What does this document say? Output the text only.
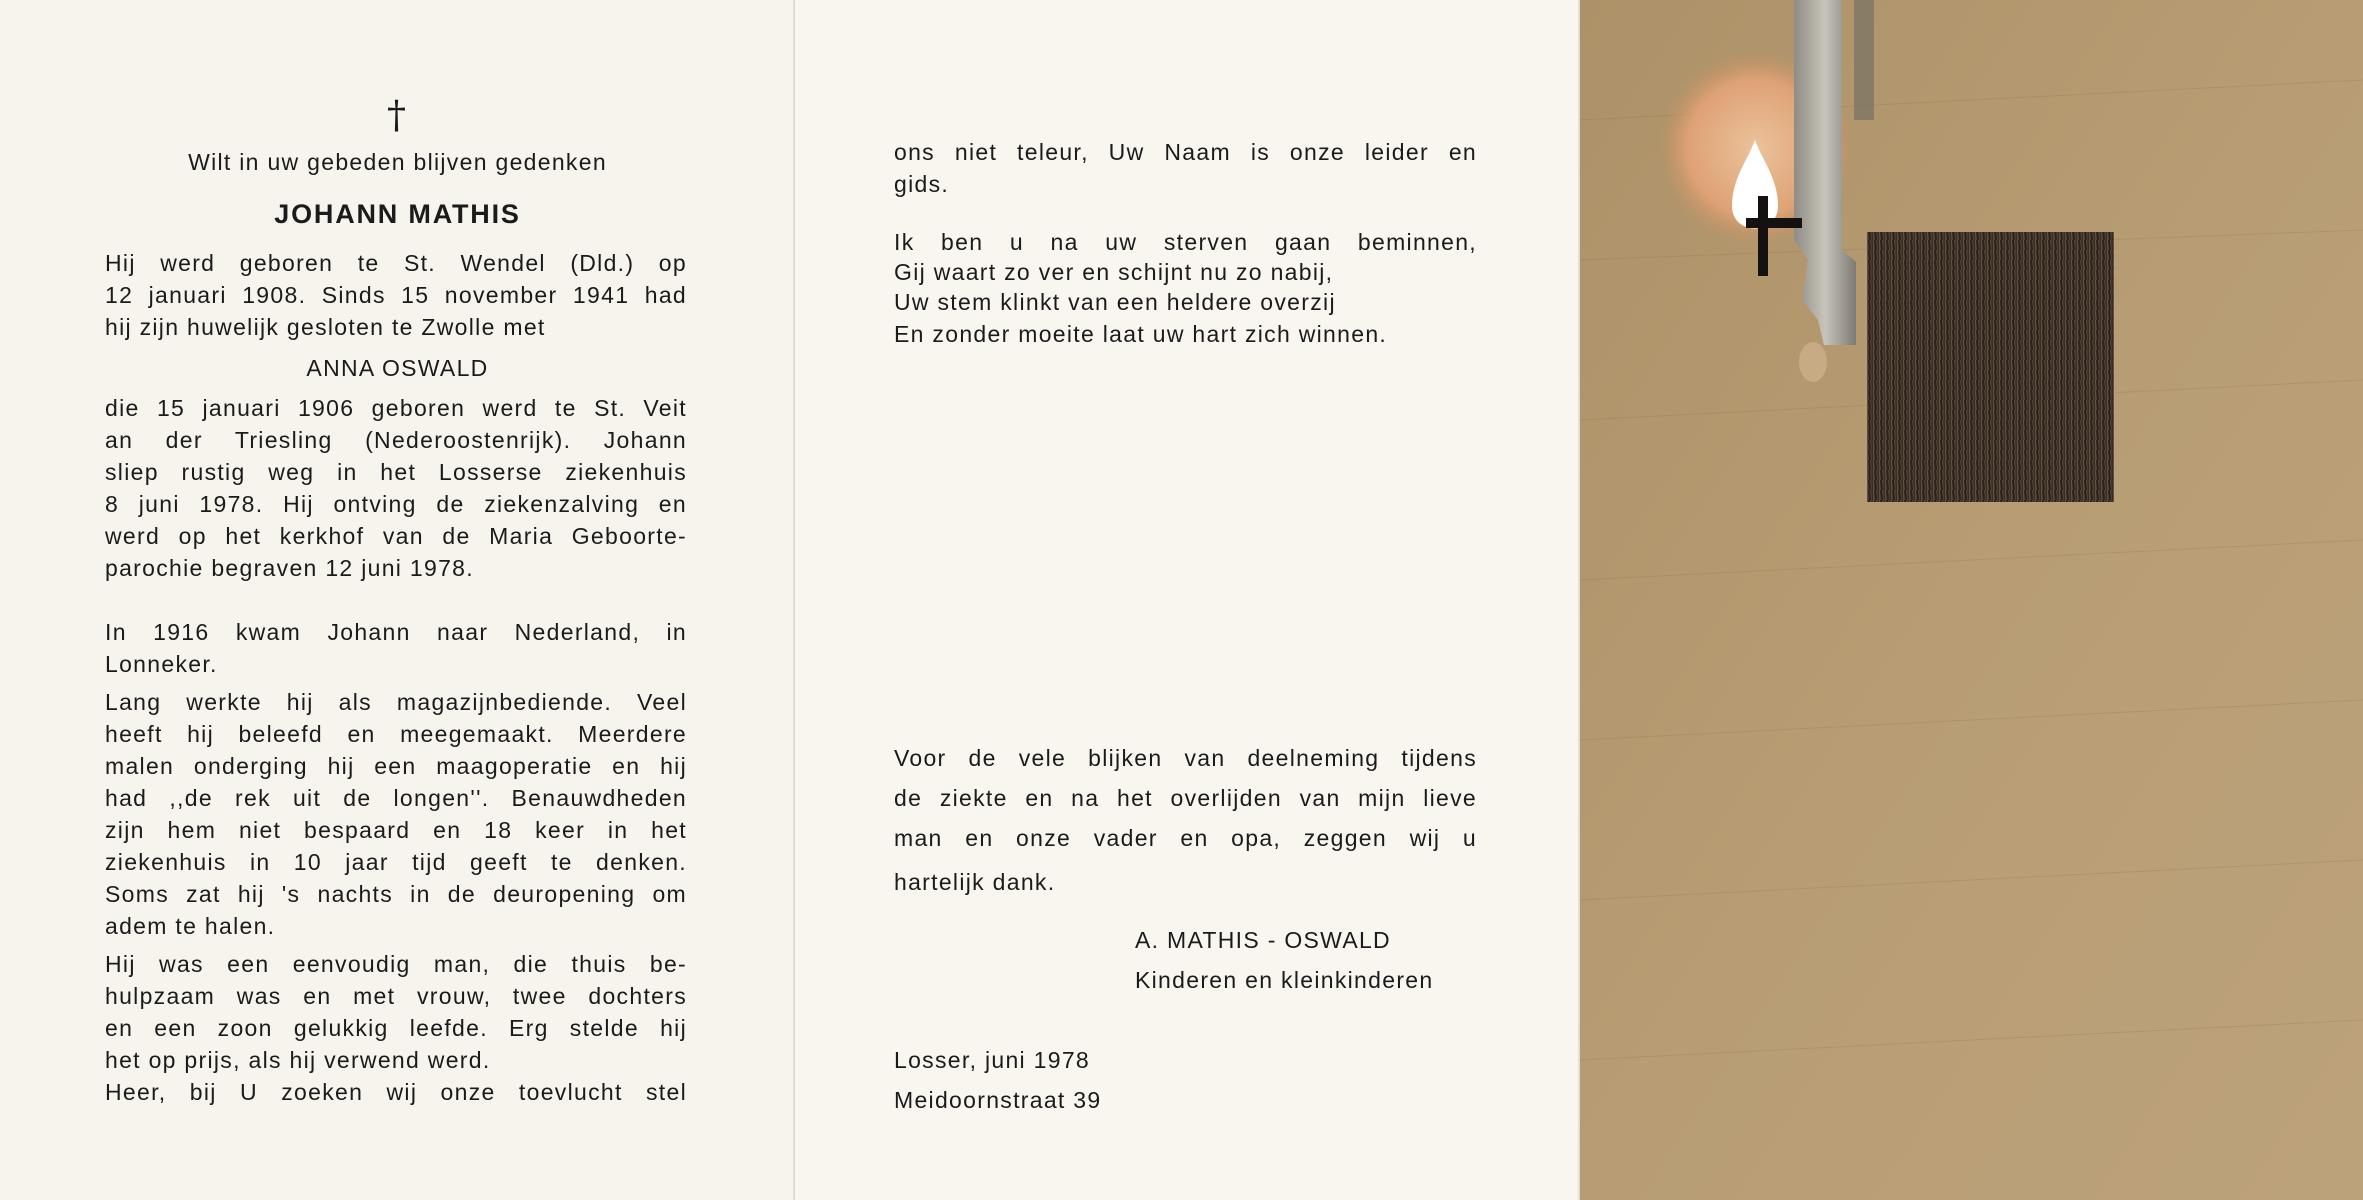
†
Wilt in uw gebeden blijven gedenken
JOHANN MATHIS
Hij werd geboren te St. Wendel (Dld.) op
12 januari 1908. Sinds 15 november 1941 had
hij zijn huwelijk gesloten te Zwolle met
ANNA OSWALD
die 15 januari 1906 geboren werd te St. Veit
an der Triesling (Nederoostenrijk). Johann
sliep rustig weg in het Losserse ziekenhuis
8 juni 1978. Hij ontving de ziekenzalving en
werd op het kerkhof van de Maria Geboorte-
parochie begraven 12 juni 1978.
In 1916 kwam Johann naar Nederland, in
Lonneker.
Lang werkte hij als magazijnbediende. Veel
heeft hij beleefd en meegemaakt. Meerdere
malen onderging hij een maagoperatie en hij
had ,,de rek uit de longen''. Benauwdheden
zijn hem niet bespaard en 18 keer in het
ziekenhuis in 10 jaar tijd geeft te denken.
Soms zat hij 's nachts in de deuropening om
adem te halen.
Hij was een eenvoudig man, die thuis be-
hulpzaam was en met vrouw, twee dochters
en een zoon gelukkig leefde. Erg stelde hij
het op prijs, als hij verwend werd.
Heer, bij U zoeken wij onze toevlucht stel
ons niet teleur, Uw Naam is onze leider en
gids.
Ik ben u na uw sterven gaan beminnen,
Gij waart zo ver en schijnt nu zo nabij,
Uw stem klinkt van een heldere overzij
En zonder moeite laat uw hart zich winnen.
Voor de vele blijken van deelneming tijdens
de ziekte en na het overlijden van mijn lieve
man en onze vader en opa, zeggen wij u
hartelijk dank.
A. MATHIS - OSWALD
Kinderen en kleinkinderen
Losser, juni 1978
Meidoornstraat 39
